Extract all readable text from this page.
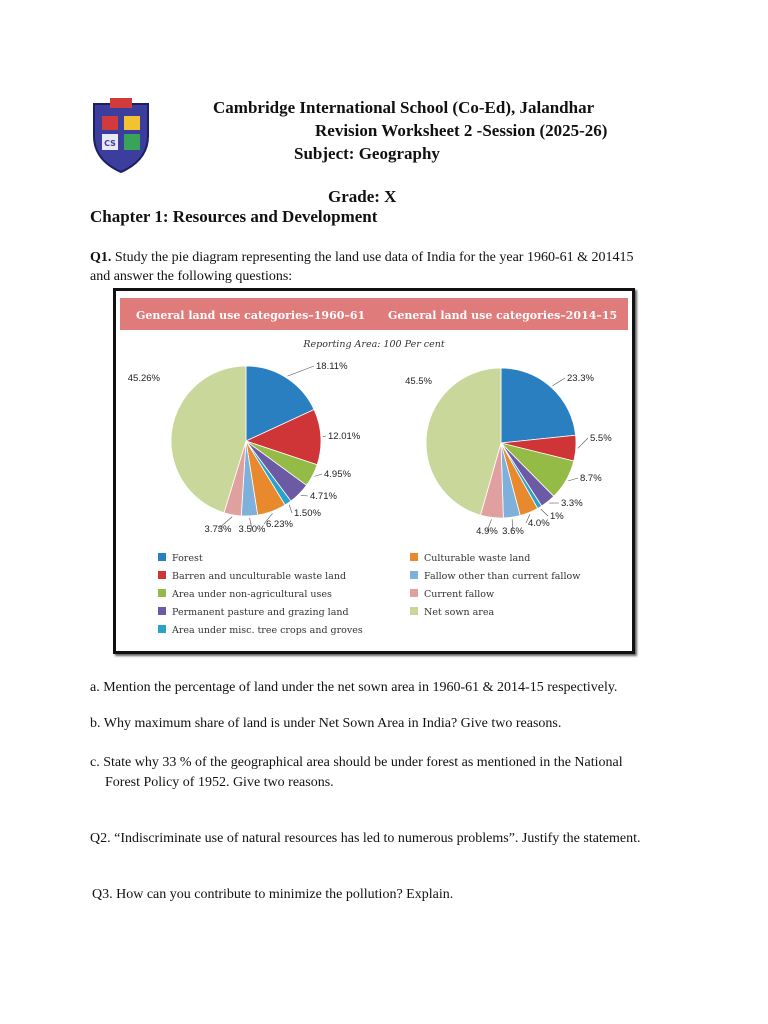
CS
Cambridge International School (Co-Ed), Jalandhar
Revision Worksheet 2 -Session (2025-26)
Subject: Geography
Grade: X
Chapter 1: Resources and Development
Q1. Study the pie diagram representing the land use data of India for the year 1960-61 & 201415 and answer the following questions:
General land use categories–1960–61 General land use categories–2014–15
Reporting Area: 100 Per cent
18.11%
12.01%
4.95%
4.71%
1.50%
6.23%
3.50%
3.73%
45.26%	23.3%
5.5%
8.7%
3.3%
1%
4.0%
3.6%
4.9%
45.5%
Forest
Barren and unculturable waste land
Area under non-agricultural uses
Permanent pasture and grazing land
Area under misc. tree crops and groves
Culturable waste land
Fallow other than current fallow
Current fallow
Net sown area
a. Mention the percentage of land under the net sown area in 1960-61 & 2014-15 respectively.
b. Why maximum share of land is under Net Sown Area in India? Give two reasons.
c. State why 33 % of the geographical area should be under forest as mentioned in the National
Forest Policy of 1952. Give two reasons.
Q2. “Indiscriminate use of natural resources has led to numerous problems”. Justify the statement.
Q3. How can you contribute to minimize the pollution? Explain.
